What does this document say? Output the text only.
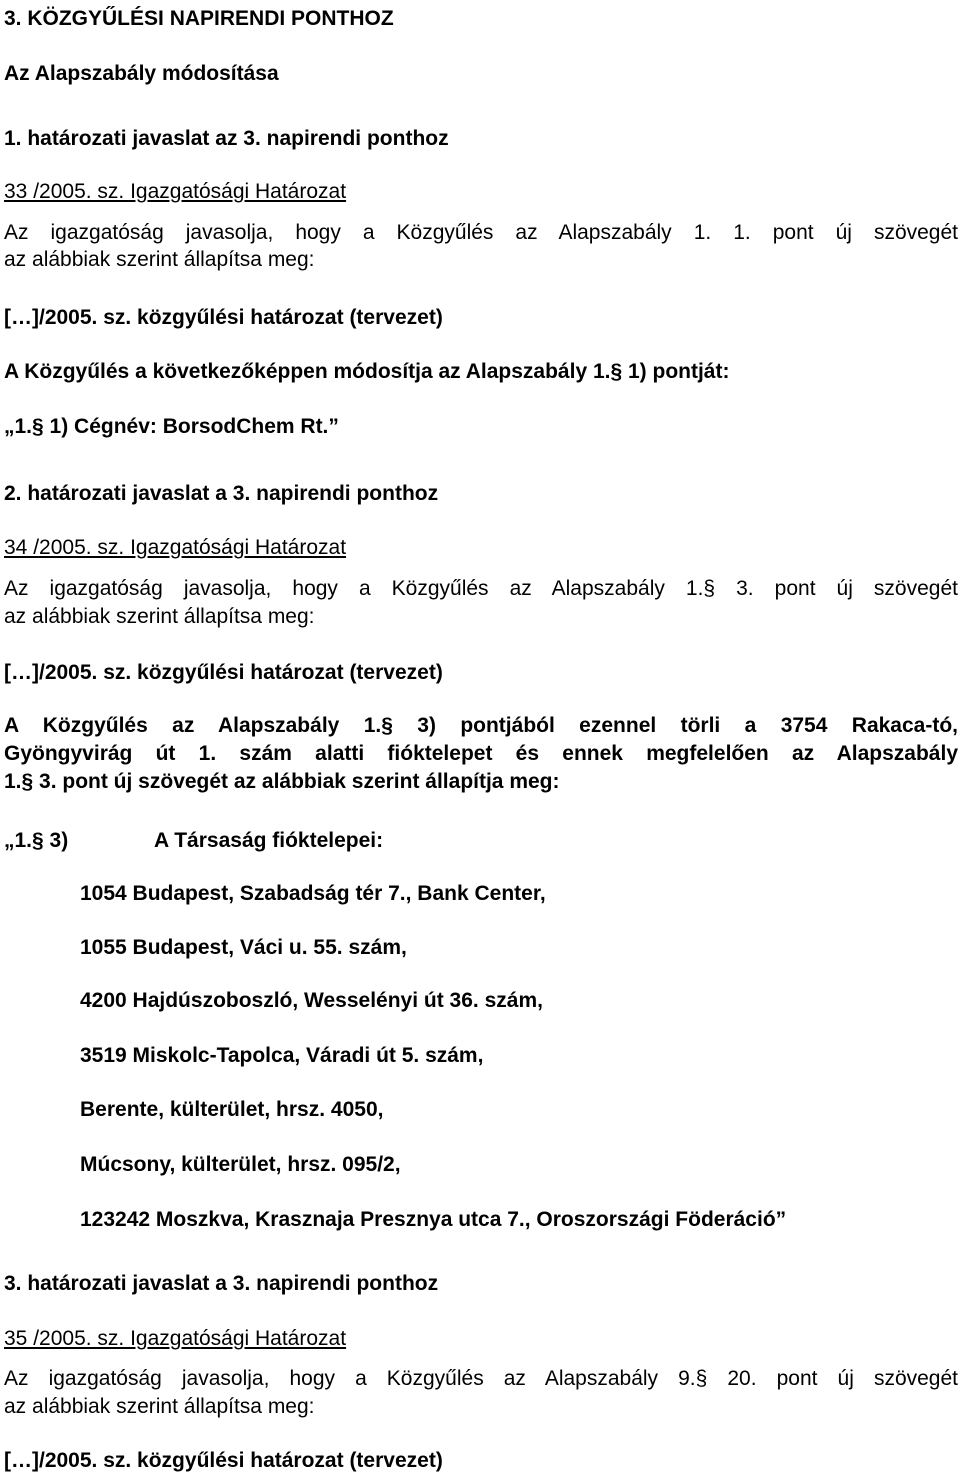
3. KÖZGYŰLÉSI NAPIRENDI PONTHOZ
Az Alapszabály módosítása
1. határozati javaslat az 3. napirendi ponthoz
33 /2005. sz. Igazgatósági Határozat
Az igazgatóság javasolja, hogy a Közgyűlés az Alapszabály 1. 1. pont új szövegét
az alábbiak szerint állapítsa meg:
[…]/2005. sz. közgyűlési határozat (tervezet)
A Közgyűlés a következőképpen módosítja az Alapszabály 1.§ 1) pontját:
„1.§ 1) Cégnév: BorsodChem Rt.”
2. határozati javaslat a 3. napirendi ponthoz
34 /2005. sz. Igazgatósági Határozat
Az igazgatóság javasolja, hogy a Közgyűlés az Alapszabály 1.§ 3. pont új szövegét
az alábbiak szerint állapítsa meg:
[…]/2005. sz. közgyűlési határozat (tervezet)
A Közgyűlés az Alapszabály 1.§ 3) pontjából ezennel törli a 3754 Rakaca-tó,
Gyöngyvirág út 1. szám alatti fióktelepet és ennek megfelelően az Alapszabály
1.§ 3. pont új szövegét az alábbiak szerint állapítja meg:
„1.§ 3)	A Társaság fióktelepei:
1054 Budapest, Szabadság tér 7., Bank Center,
1055 Budapest, Váci u. 55. szám,
4200 Hajdúszoboszló, Wesselényi út 36. szám,
3519 Miskolc-Tapolca, Váradi út 5. szám,
Berente, külterület, hrsz. 4050,
Múcsony, külterület, hrsz. 095/2,
123242 Moszkva, Krasznaja Presznya utca 7., Oroszországi Föderáció”
3. határozati javaslat a 3. napirendi ponthoz
35 /2005. sz. Igazgatósági Határozat
Az igazgatóság javasolja, hogy a Közgyűlés az Alapszabály 9.§ 20. pont új szövegét
az alábbiak szerint állapítsa meg:
[…]/2005. sz. közgyűlési határozat (tervezet)
